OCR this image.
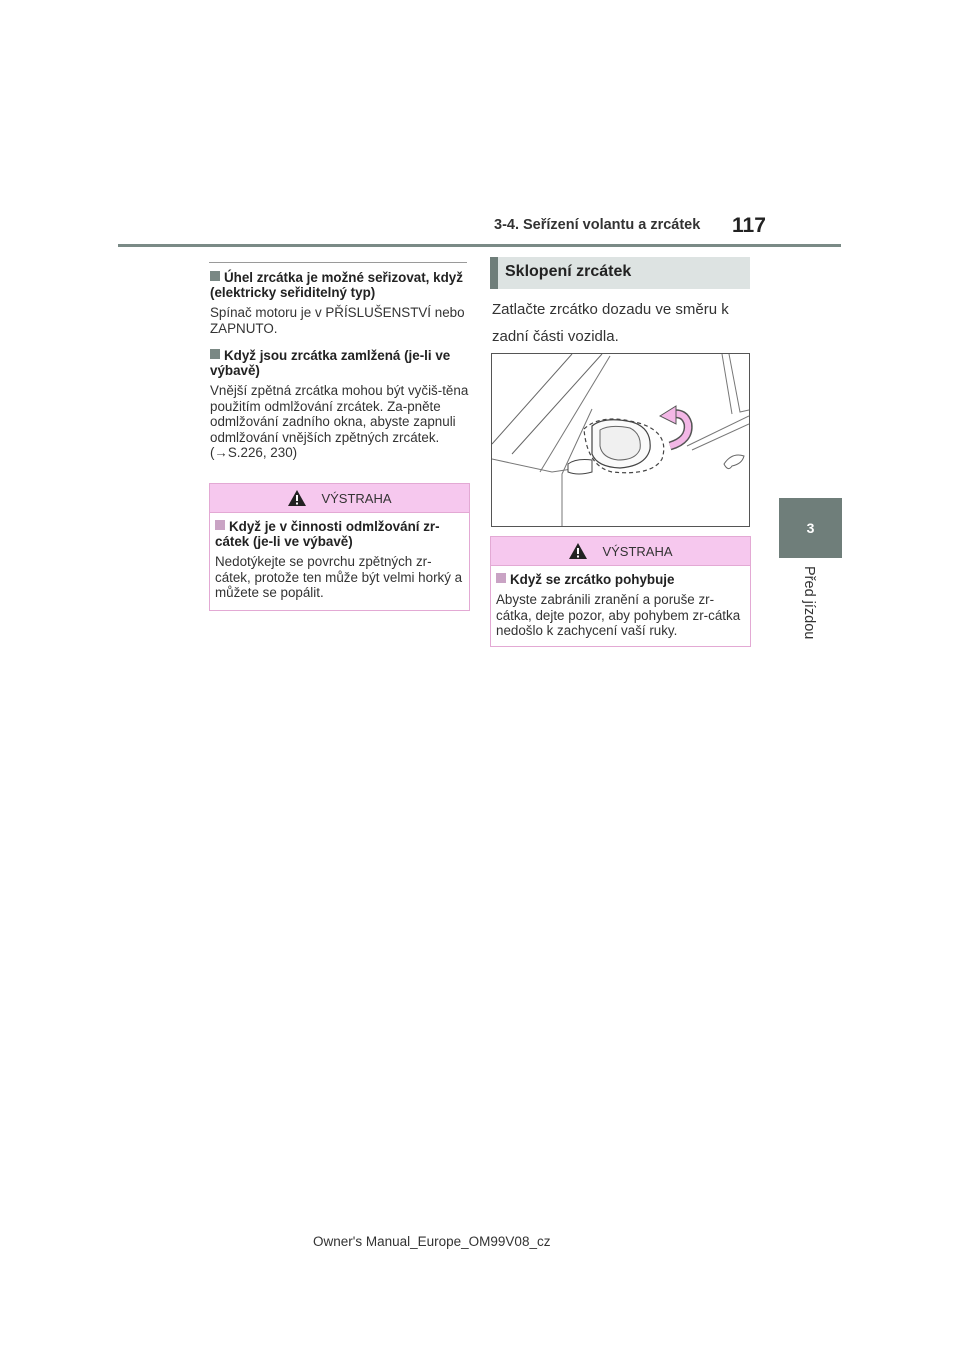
3-4. Seřízení volantu a zrcátek 117
3
Před jízdou
Úhel zrcátka je možné seřizovat, když (elektricky seřiditelný typ)
Spínač motoru je v PŘÍSLUŠENSTVÍ nebo ZAPNUTO.
Když jsou zrcátka zamlžená (je-li ve výbavě)
Vnější zpětná zrcátka mohou být vyčiš-těna použitím odmlžování zrcátek. Za-pněte odmlžování zadního okna, abyste zapnuli odmlžování vnějších zpětných zrcátek. (→S.226, 230)
VÝSTRAHA
Když je v činnosti odmlžování zr-cátek (je-li ve výbavě)
Nedotýkejte se povrchu zpětných zr-cátek, protože ten může být velmi horký a můžete se popálit.
Sklopení zrcátek
Zatlačte zrcátko dozadu ve směru k zadní části vozidla.
VÝSTRAHA
Když se zrcátko pohybuje
Abyste zabránili zranění a poruše zr-cátka, dejte pozor, aby pohybem zr-cátka nedošlo k zachycení vaší ruky.
Owner's Manual_Europe_OM99V08_cz
